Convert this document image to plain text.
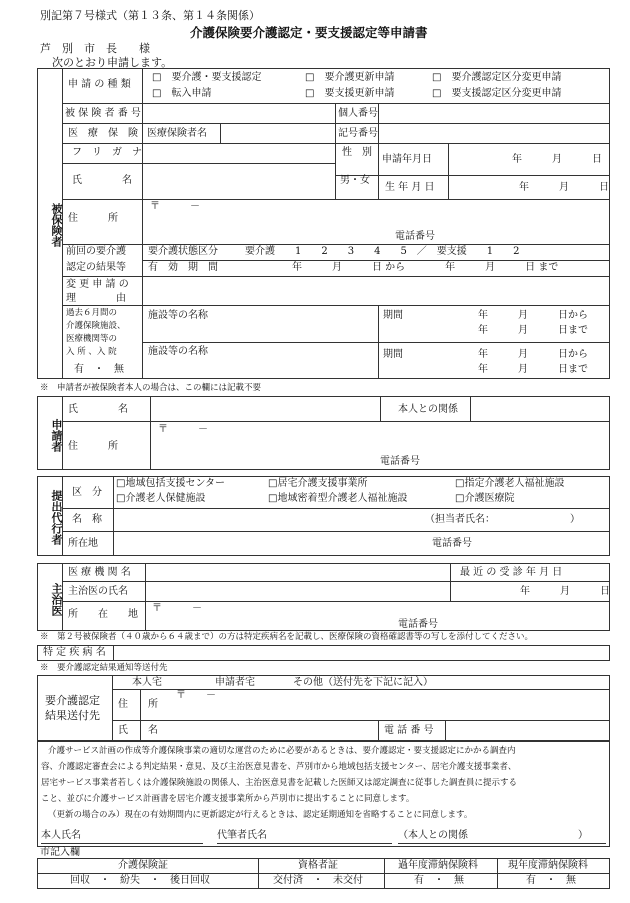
別記第７号様式（第１３条、第１４条関係）
介護保険要介護認定・要支援認定等申請書
芦　別　市　長　　様
次のとおり申請します。
被保険者
申 請 の 種 類
□　要介護・要支援認定	□　要介護更新申請	□　要介護認定区分変更申請
□　転入申請	□　要支援更新申請	□　要支援認定区分変更申請
被 保 険 者 番 号	個人番号
医　療　保　険 医療保険者名	記号番号
フ　リ　ガ　ナ
氏　　　　名
性　別
男・女
申請年月日	年　　　月　　　日
生 年 月 日	年　　　月　　　日
住　　　所
〒　　　－
電話番号
前回の要介護
認定の結果等
要介護状態区分	要介護　　1　　2　　3　　4　　5　／　要支援　　1　　2
有　効　期　間	年　　　月　　　日 から　　　　年　　　月　　　日 まで
変 更 申 請 の
理　　　　由
過去６月間の
介護保険施設、
医療機関等の
入 所 、入 院
有　・　無
施設等の名称	期間	年　　　月　　　日から
年　　　月　　　日まで
施設等の名称	期間	年　　　月　　　日から
年　　　月　　　日まで
※　申請者が被保険者本人の場合は、この欄には記載不要
申請者
氏　　　　名	本人との関係
住　　　所
〒　　　－
電話番号
提出代行者 区　分
□地域包括支援センター	□居宅介護支援事業所	□指定介護老人福祉施設
□介護老人保健施設	□地域密着型介護老人福祉施設	□介護医療院
名　称	（担当者氏名：　　　　　　　　）
所在地	電話番号
主治医
医 療 機 関 名	最 近 の 受 診 年 月 日
主治医の氏名	年　　　月　　　日
所　　在　　地
〒　　　－
電話番号
※　第２号被保険者（４０歳から６４歳まで）の方は特定疾病名を記載し、医療保険の資格確認書等の写しを添付してください。
特 定 疾 病 名
※　要介護認定結果通知等送付先
要介護認定
結果送付先
本人宅	申請者宅	その他（送付先を下記に記入）
住　　所
〒　　－
氏　　名	電 話 番 号
介護サービス計画の作成等介護保険事業の適切な運営のために必要があるときは、要介護認定・要支援認定にかかる調査内
容、介護認定審査会による判定結果・意見、及び主治医意見書を、芦別市から地域包括支援センター、居宅介護支援事業者、
居宅サービス事業者若しくは介護保険施設の関係人、主治医意見書を記載した医師又は認定調査に従事した調査員に提示する
こと、並びに介護サービス計画書を居宅介護支援事業所から芦別市に提出することに同意します。
（更新の場合のみ）現在の有効期間内に更新認定が行えるときは、認定延期通知を省略することに同意します。
本人氏名	代筆者氏名	（本人との関係　　　　　　　　　　　）
市記入欄
介護保険証	資格者証	過年度滞納保険料	現年度滞納保険料
回収　・　紛失　・　後日回収	交付済　・　未交付	有　・　無	有　・　無
